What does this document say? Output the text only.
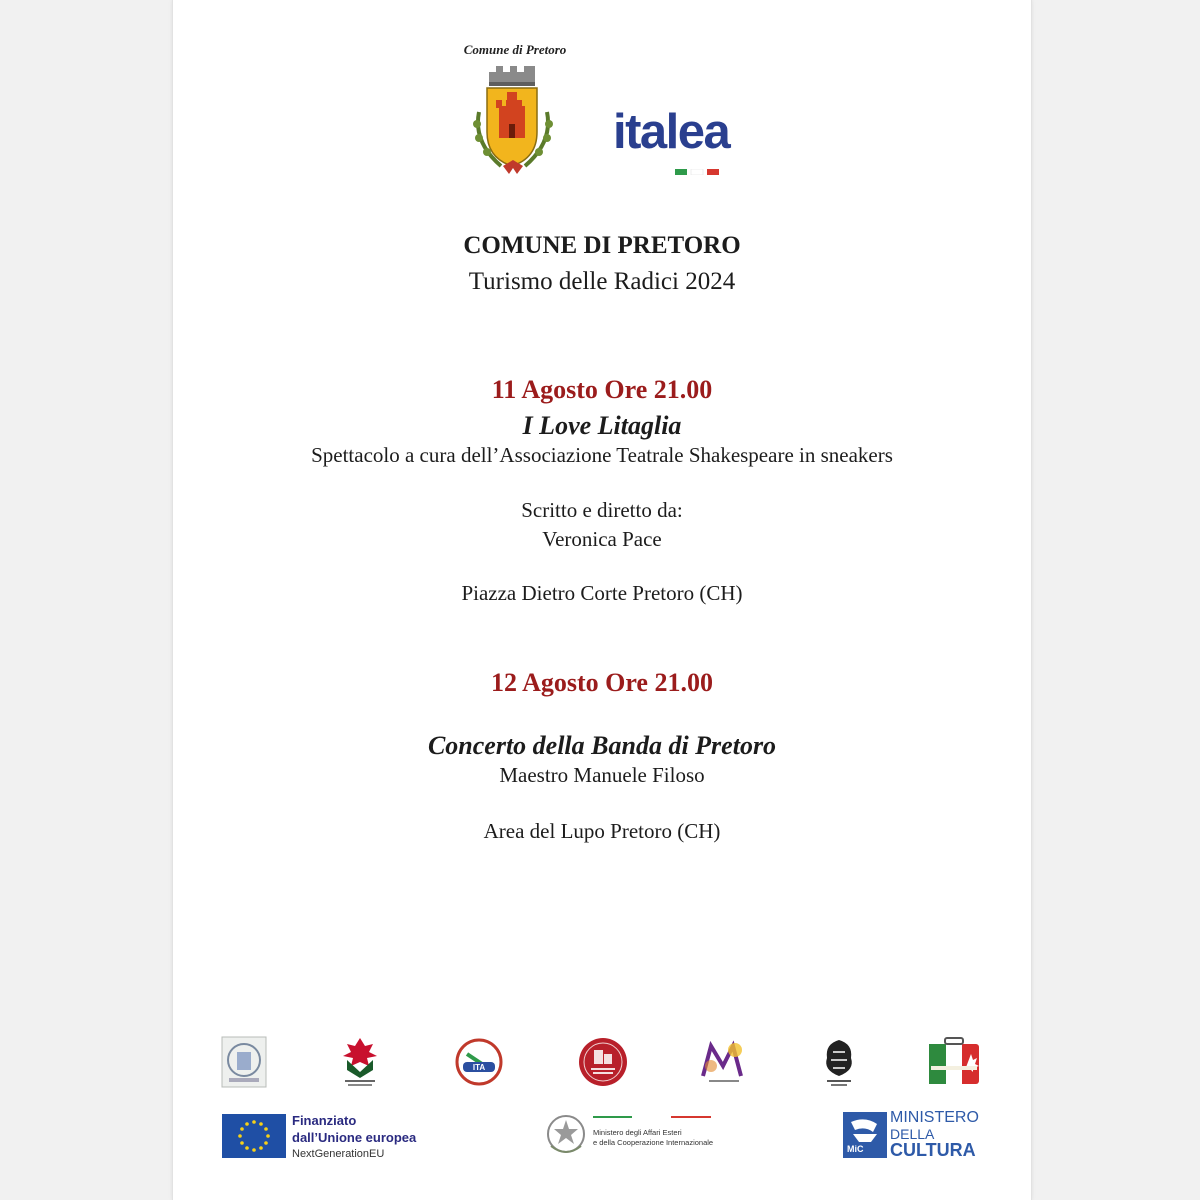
Comune di Pretoro
italea
COMUNE DI PRETORO
Turismo delle Radici 2024
11 Agosto Ore 21.00
I Love Litaglia
Spettacolo a cura dell’Associazione Teatrale Shakespeare in sneakers
Scritto e diretto da:
Veronica Pace
Piazza Dietro Corte Pretoro (CH)
12 Agosto Ore 21.00
Concerto della Banda di Pretoro
Maestro Manuele Filoso
Area del Lupo Pretoro (CH)
ITA
Finanziato
dall’Unione europea
NextGenerationEU
Ministero degli Affari Esteri
e della Cooperazione Internazionale
MiC
MINISTERO
DELLA
CULTURA
